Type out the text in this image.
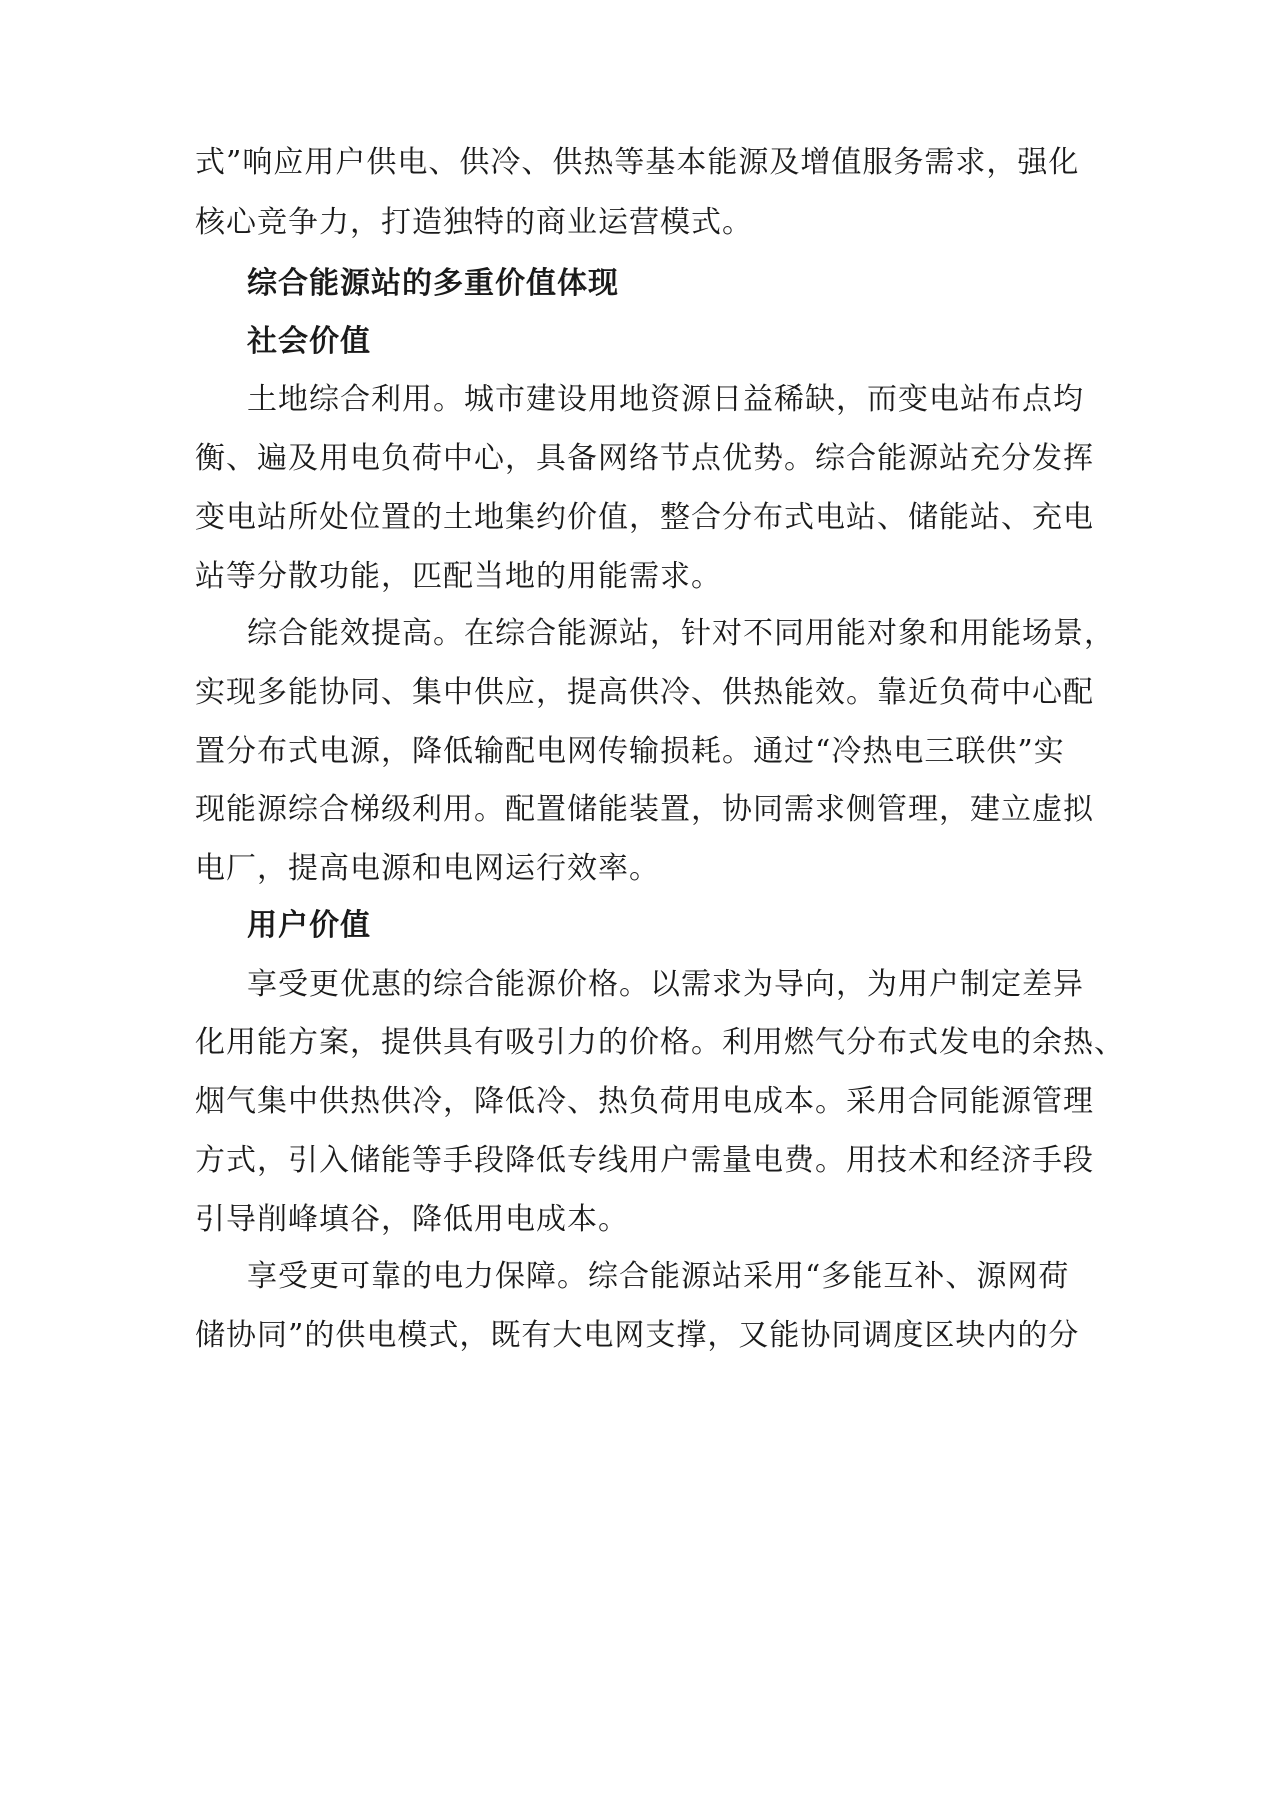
式”响应用户供电、供冷、供热等基本能源及增值服务需求，强化
核心竞争力，打造独特的商业运营模式。
综合能源站的多重价值体现
社会价值
土地综合利用。城市建设用地资源日益稀缺，而变电站布点均
衡、遍及用电负荷中心，具备网络节点优势。综合能源站充分发挥
变电站所处位置的土地集约价值，整合分布式电站、储能站、充电
站等分散功能，匹配当地的用能需求。
综合能效提高。在综合能源站，针对不同用能对象和用能场景，
实现多能协同、集中供应，提高供冷、供热能效。靠近负荷中心配
置分布式电源，降低输配电网传输损耗。通过“冷热电三联供”实
现能源综合梯级利用。配置储能装置，协同需求侧管理，建立虚拟
电厂，提高电源和电网运行效率。
用户价值
享受更优惠的综合能源价格。以需求为导向，为用户制定差异
化用能方案，提供具有吸引力的价格。利用燃气分布式发电的余热、
烟气集中供热供冷，降低冷、热负荷用电成本。采用合同能源管理
方式，引入储能等手段降低专线用户需量电费。用技术和经济手段
引导削峰填谷，降低用电成本。
享受更可靠的电力保障。综合能源站采用“多能互补、源网荷
储协同”的供电模式，既有大电网支撑，又能协同调度区块内的分
